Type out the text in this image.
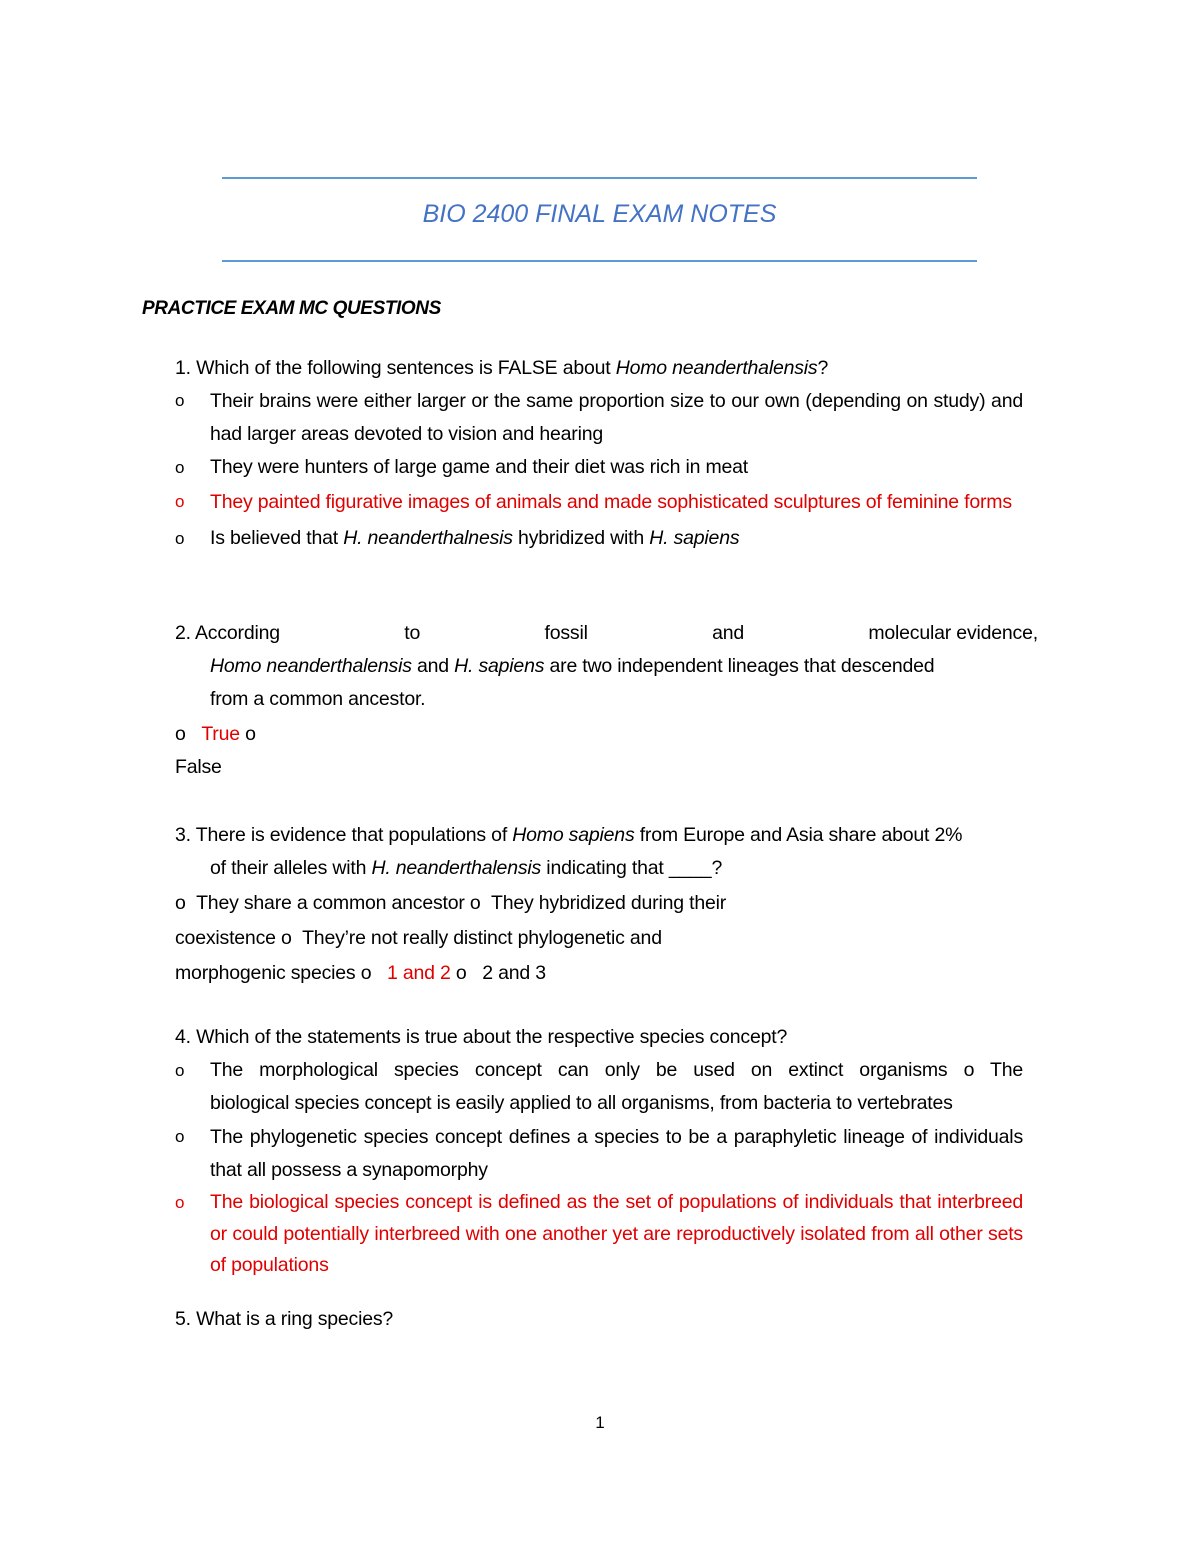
BIO 2400 FINAL EXAM NOTES
PRACTICE EXAM MC QUESTIONS
1. Which of the following sentences is FALSE about Homo neanderthalensis?
o Their brains were either larger or the same proportion size to our own (depending on study) and had larger areas devoted to vision and hearing
o They were hunters of large game and their diet was rich in meat
o They painted figurative images of animals and made sophisticated sculptures of feminine forms
o Is believed that H. neanderthalnesis hybridized with H. sapiens
2. According	to	fossil	and	molecular evidence,
Homo neanderthalensis and H. sapiens are two independent lineages that descended
from a common ancestor.
o True o
False
3. There is evidence that populations of Homo sapiens from Europe and Asia share about 2%
of their alleles with H. neanderthalensis indicating that ____?
o They share a common ancestor o They hybridized during their
coexistence o They’re not really distinct phylogenetic and
morphogenic species o 1 and 2 o 2 and 3
4. Which of the statements is true about the respective species concept?
o The morphological species concept can only be used on extinct organisms o The
biological species concept is easily applied to all organisms, from bacteria to vertebrates
o The phylogenetic species concept defines a species to be a paraphyletic lineage of individuals that all possess a synapomorphy
o The biological species concept is defined as the set of populations of individuals that interbreed or could potentially interbreed with one another yet are reproductively isolated from all other sets of populations
5. What is a ring species?
1
